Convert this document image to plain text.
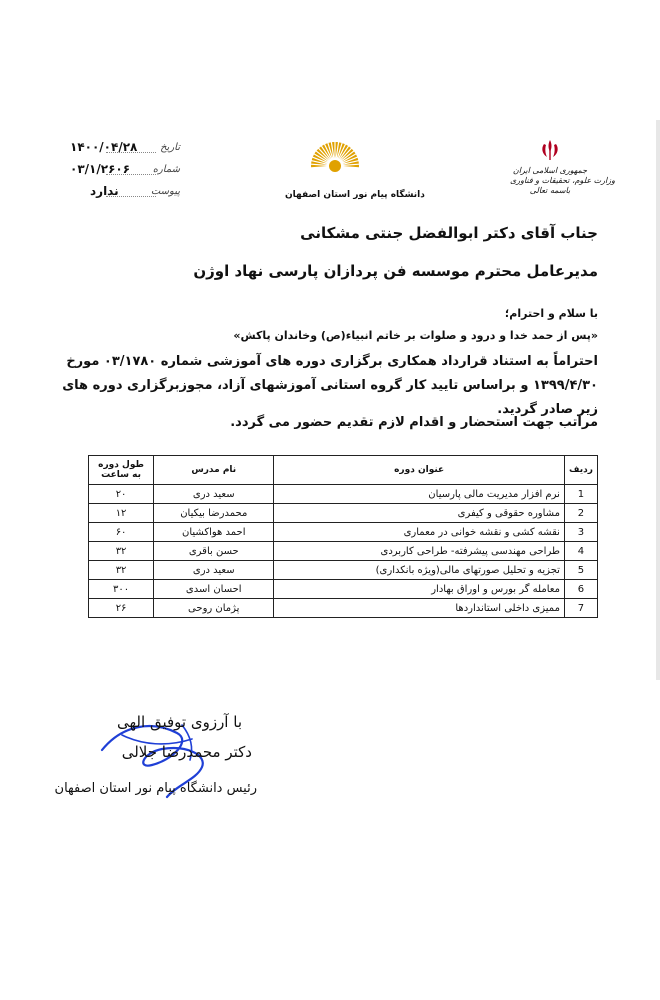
۱۴۰۰/۰۴/۲۸ تاریخ
۰۳/۱/۲۶۰۶ شماره
ندارد	پیوست	دانشگاه پیام نور استان اصفهان
جمهوری اسلامی ایران
وزارت علوم، تحقیقات و فناوری
باسمه تعالی
جناب آقای دکتر ابوالفضل جنتی مشکانی
مدیرعامل محترم موسسه فن پردازان پارسی نهاد اوژن
با سلام و احترام؛
«پس از حمد خدا و درود و صلوات بر خاتم انبیاء(ص) وخاندان پاکش»
احتراماً به استناد قرارداد همکاری برگزاری دوره های آموزشی شماره ۰۳/۱۷۸۰ مورخ ۱۳۹۹/۴/۳۰ و براساس تایید کار گروه استانی آموزشهای آزاد، مجوزبرگزاری دوره های زیر صادر گردید.
مراتب جهت استحضار و اقدام لازم تقدیم حضور می گردد.
ردیف	عنوان دوره	نام مدرس	طول دوره به ساعت
1	نرم افزار مدیریت مالی پارسیان	سعید دری	۲۰
2	مشاوره حقوقی و کیفری	محمدرضا بیکیان	۱۲
3	نقشه کشی و نقشه خوانی در معماری	احمد هواکشیان	۶۰
4	طراحی مهندسی پیشرفته- طراحی کاربردی	حسن باقری	۳۲
5	تجزیه و تحلیل صورتهای مالی(ویژه بانکداری)	سعید دری	۳۲
6	معامله گر بورس و اوراق بهادار	احسان اسدی	۳۰۰
7	ممیزی داخلی استانداردها	پژمان روحی	۲۶
با آرزوی توفیق الهی
دکتر محمدرضا جلالی
رئیس دانشگاه پیام نور استان اصفهان
